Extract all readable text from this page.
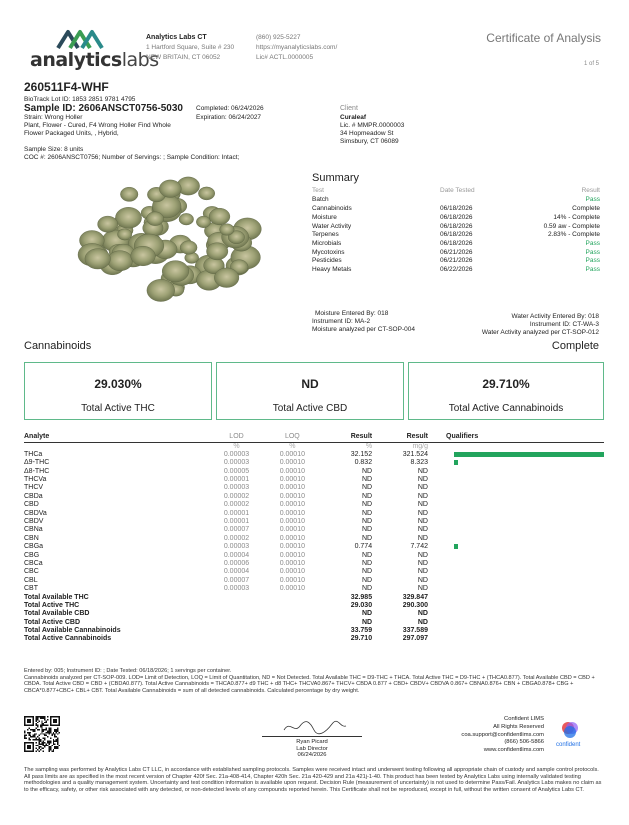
analyticslabs
Analytics Labs CT
1 Hartford Square, Suite # 230
NEW BRITAIN, CT 06052
(860) 925-5227
https://myanalyticslabs.com/
Lic# ACTL.0000005
Certificate of Analysis
1 of 5
260511F4-WHF
BioTrack Lot ID: 1853 2851 9781 4795
Sample ID: 2606ANSCT0756-5030 Completed: 06/24/2026
Strain: Wrong Holler	Expiration: 06/24/2027
Plant, Flower - Cured, F4 Wrong Holler Find Whole
Flower Packaged Units, , Hybrid,
Sample Size: 8 units
COC #: 2606ANSCT0756; Number of Servings: ; Sample Condition: Intact;
Client
Curaleaf
Lic. # MMPR.0000003
34 Hopmeadow St
Simsbury, CT 06089
Summary
Test	Date Tested	Result
Batch		Pass
Cannabinoids	06/18/2026	Complete
Moisture	06/18/2026	14% - Complete
Water Activity	06/18/2026	0.59 aw - Complete
Terpenes	06/18/2026	2.83% - Complete
Microbials	06/18/2026	Pass
Mycotoxins	06/21/2026	Pass
Pesticides	06/21/2026	Pass
Heavy Metals	06/22/2026	Pass
Moisture Entered By: 018
Instrument ID: MA-2
Moisture analyzed per CT-SOP-004
Water Activity Entered By: 018
Instrument ID: CT-WA-3
Water Activity analyzed per CT-SOP-012
Cannabinoids	Complete
29.030%
Total Active THC
ND
Total Active CBD
29.710%
Total Active Cannabinoids
Analyte	LOD	LOQ	Result	Result	Qualifiers
	%	%	%	mg/g	
THCa	0.00003	0.00010	32.152	321.524	
Δ9-THC	0.00003	0.00010	0.832	8.323	
Δ8-THC	0.00005	0.00010	ND	ND	
THCVa	0.00001	0.00010	ND	ND	
THCV	0.00003	0.00010	ND	ND	
CBDa	0.00002	0.00010	ND	ND	
CBD	0.00002	0.00010	ND	ND	
CBDVa	0.00001	0.00010	ND	ND	
CBDV	0.00001	0.00010	ND	ND	
CBNa	0.00007	0.00010	ND	ND	
CBN	0.00002	0.00010	ND	ND	
CBGa	0.00003	0.00010	0.774	7.742	
CBG	0.00004	0.00010	ND	ND	
CBCa	0.00006	0.00010	ND	ND	
CBC	0.00004	0.00010	ND	ND	
CBL	0.00007	0.00010	ND	ND	
CBT	0.00003	0.00010	ND	ND	
Total Available THC			32.985	329.847	
Total Active THC			29.030	290.300	
Total Available CBD			ND	ND	
Total Active CBD			ND	ND	
Total Available Cannabinoids			33.759	337.589	
Total Active Cannabinoids			29.710	297.097	
Entered by: 005; Instrument ID: ; Date Tested: 06/18/2026; 1 servings per container.
Cannabinoids analyzed per CT-SOP-009. LOD= Limit of Detection, LOQ = Limit of Quantitation, ND = Not Detected. Total Available THC = D9-THC + THCA. Total Active THC = D9-THC + (THCA0.877). Total Available CBD = CBD + CBDA. Total Active CBD = CBD + (CBDA0.877). Total Active Cannabinoids = THCA0.877+ d9 THC + d8 THC+ THCVA0.867+ THCV+ CBDA 0.877 + CBD+ CBDV+ CBDVA 0.867+ CBNA0.876+ CBN + CBGA0.878+ CBG + CBCA*0.877+CBC+ CBL+ CBT. Total Available Cannabinoids = sum of all detected cannabinoids. Calculated percentage by dry weight.
Ryan Picard
Lab Director
06/24/2026
Confident LIMS
All Rights Reserved
coa.support@confidentlims.com
(866) 506-5866
www.confidentlims.com
confident
The sampling was performed by Analytics Labs CT LLC, in accordance with established sampling protocols. Samples were received intact and underwent testing following all appropriate chain of custody and sample control protocols. All pass limits are as specified in the most recent version of Chapter 420f Sec. 21a-408-414, Chapter 420h Sec. 21a 420-429 and 21a 421j-1-40. This product has been tested by Analytics Labs using internally validated testing methodologies and a quality management system. Uncertainty and test condition information is available upon request. Decision Rule (measurement of uncertainty) is not used to determine Pass/Fail. Analytics Labs makes no claim as to the efficacy, safety, or other risk associated with any detected, or non-detected levels of any compounds reported herein. This Certificate shall not be reproduced, except in full, without the written consent of Analytics Labs CT.
